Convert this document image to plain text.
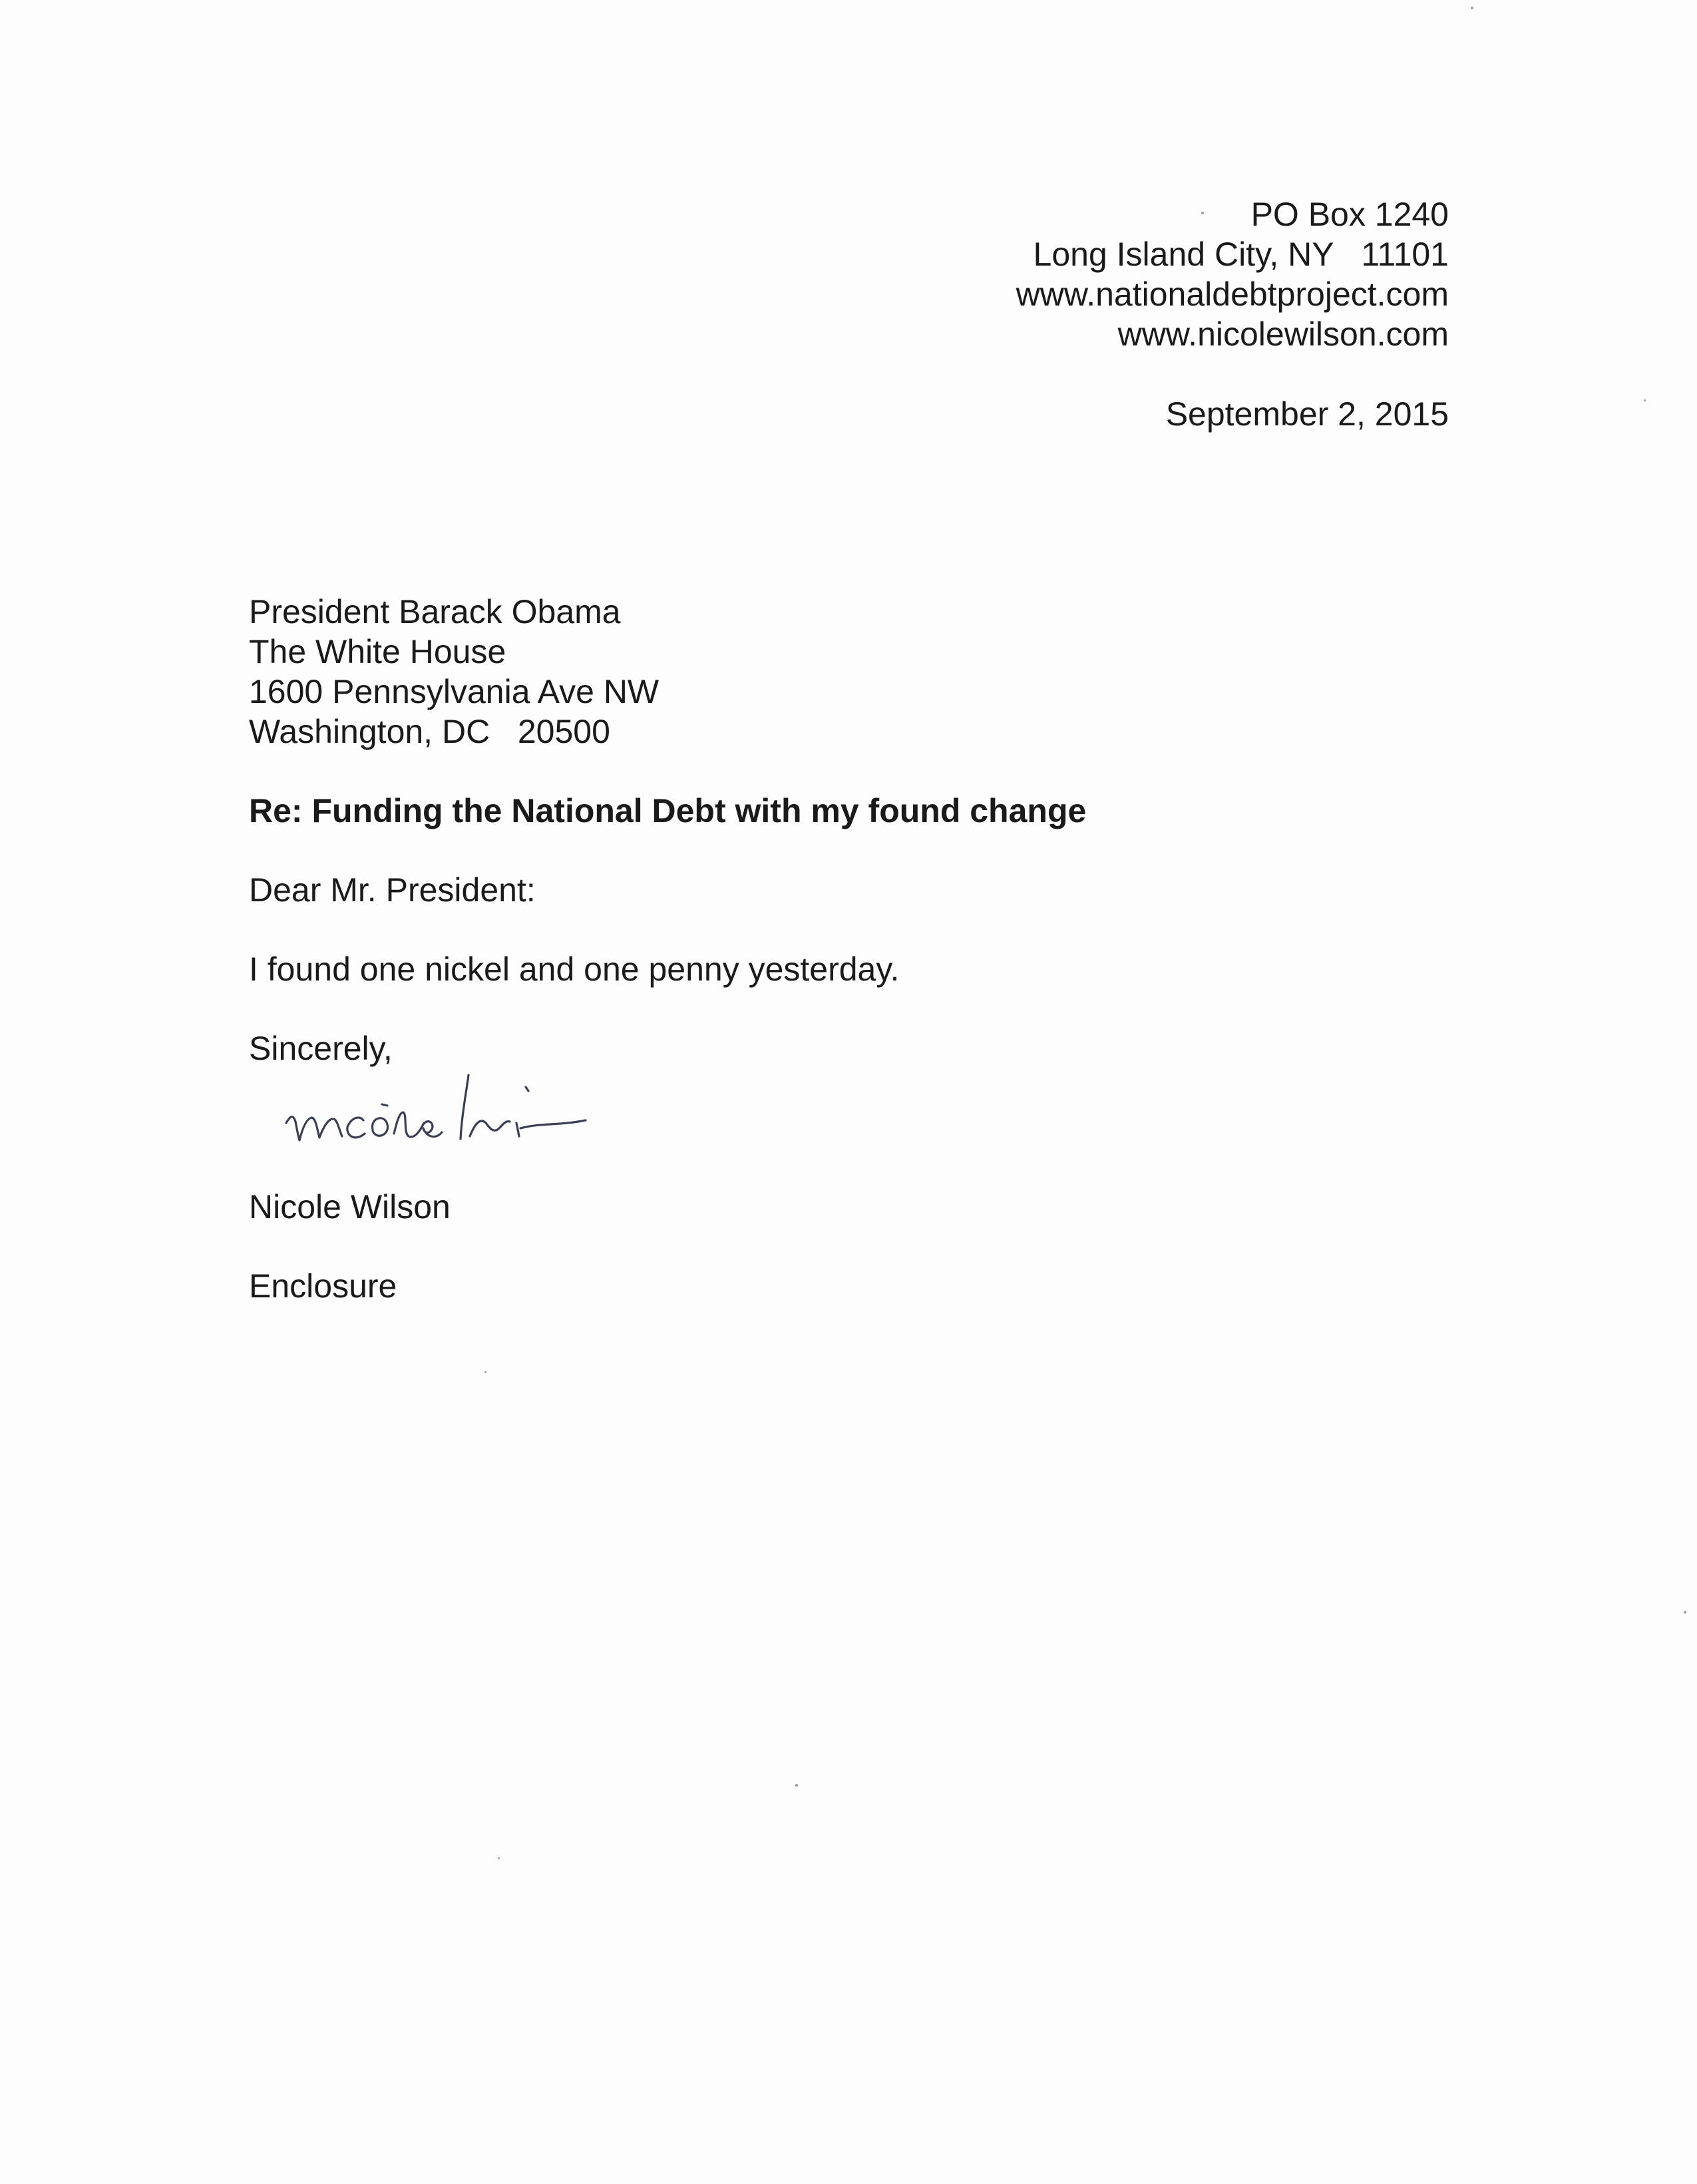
PO Box 1240
Long Island City, NY   11101
www.nationaldebtproject.com
www.nicolewilson.com
September 2, 2015
President Barack Obama
The White House
1600 Pennsylvania Ave NW
Washington, DC   20500
Re: Funding the National Debt with my found change
Dear Mr. President:
I found one nickel and one penny yesterday.
Sincerely,
Nicole Wilson
Enclosure
